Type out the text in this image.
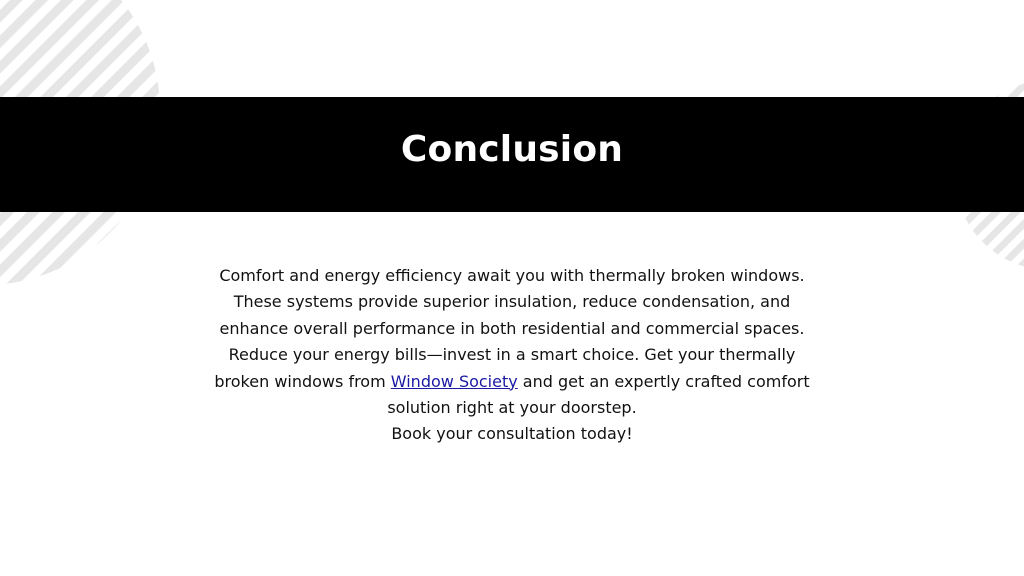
Conclusion

Comfort and energy efficiency await you with thermally broken windows. These systems provide superior insulation, reduce condensation, and enhance overall performance in both residential and commercial spaces.

Reduce your energy bills—invest in a smart choice. Get your thermally broken windows from Window Society and get an expertly crafted comfort solution right at your doorstep.

Book your consultation today!
